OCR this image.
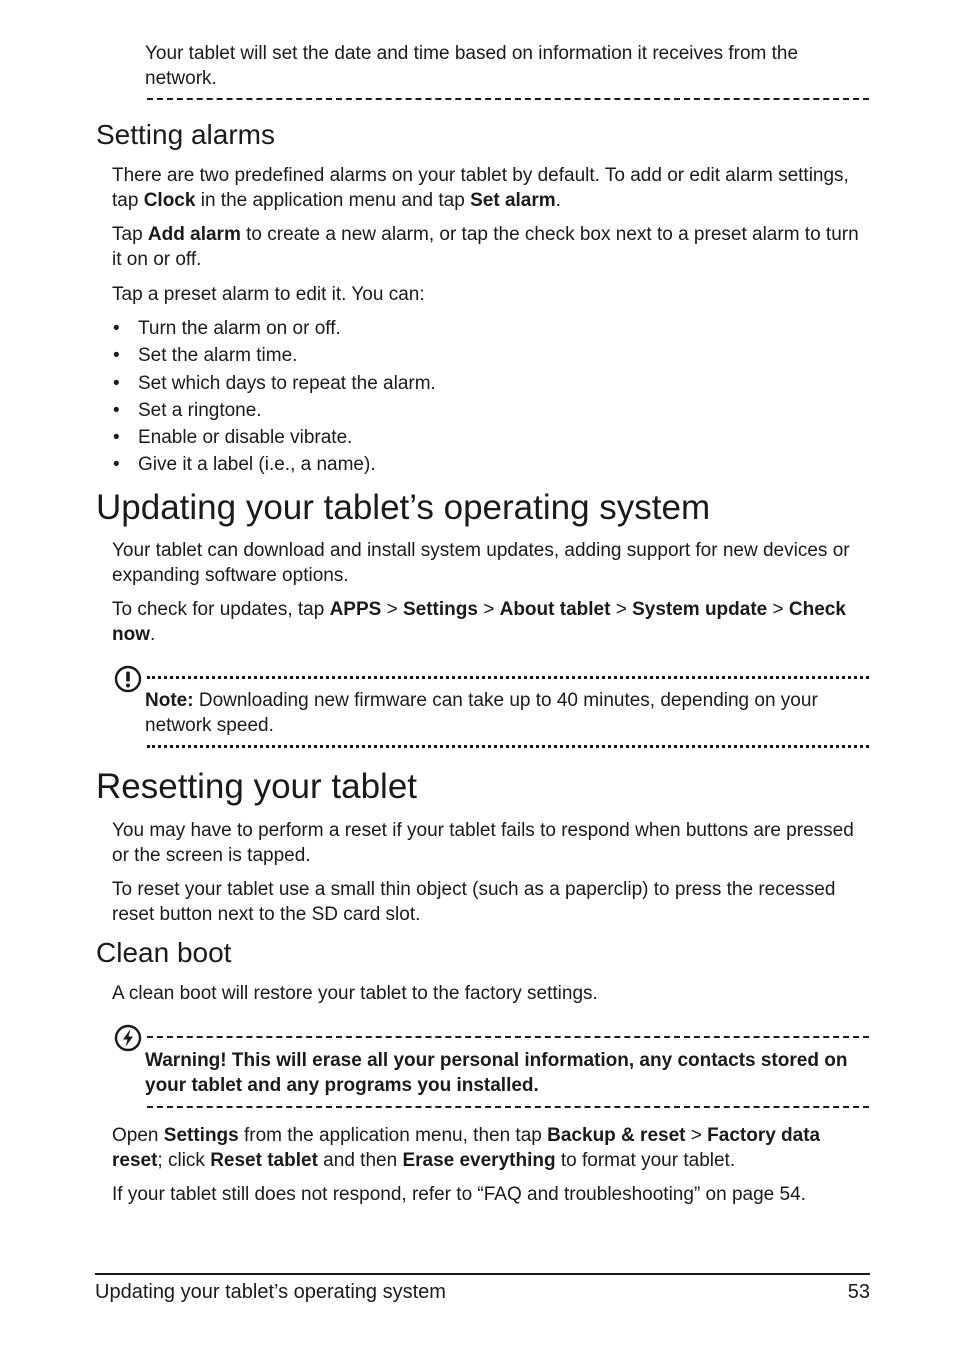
Your tablet will set the date and time based on information it receives from the network.

Setting alarms

There are two predefined alarms on your tablet by default. To add or edit alarm settings, tap Clock in the application menu and tap Set alarm.

Tap Add alarm to create a new alarm, or tap the check box next to a preset alarm to turn it on or off.

Tap a preset alarm to edit it. You can:

• Turn the alarm on or off.
• Set the alarm time.
• Set which days to repeat the alarm.
• Set a ringtone.
• Enable or disable vibrate.
• Give it a label (i.e., a name).
Updating your tablet’s operating system

Your tablet can download and install system updates, adding support for new devices or expanding software options.

To check for updates, tap APPS > Settings > About tablet > System update > Check now.

Note: Downloading new firmware can take up to 40 minutes, depending on your network speed.

Resetting your tablet

You may have to perform a reset if your tablet fails to respond when buttons are pressed or the screen is tapped.

To reset your tablet use a small thin object (such as a paperclip) to press the recessed reset button next to the SD card slot.

Clean boot

A clean boot will restore your tablet to the factory settings.

Warning! This will erase all your personal information, any contacts stored on your tablet and any programs you installed.

Open Settings from the application menu, then tap Backup & reset > Factory data reset; click Reset tablet and then Erase everything to format your tablet.

If your tablet still does not respond, refer to “FAQ and troubleshooting” on page 54.

Updating your tablet’s operating system	53
